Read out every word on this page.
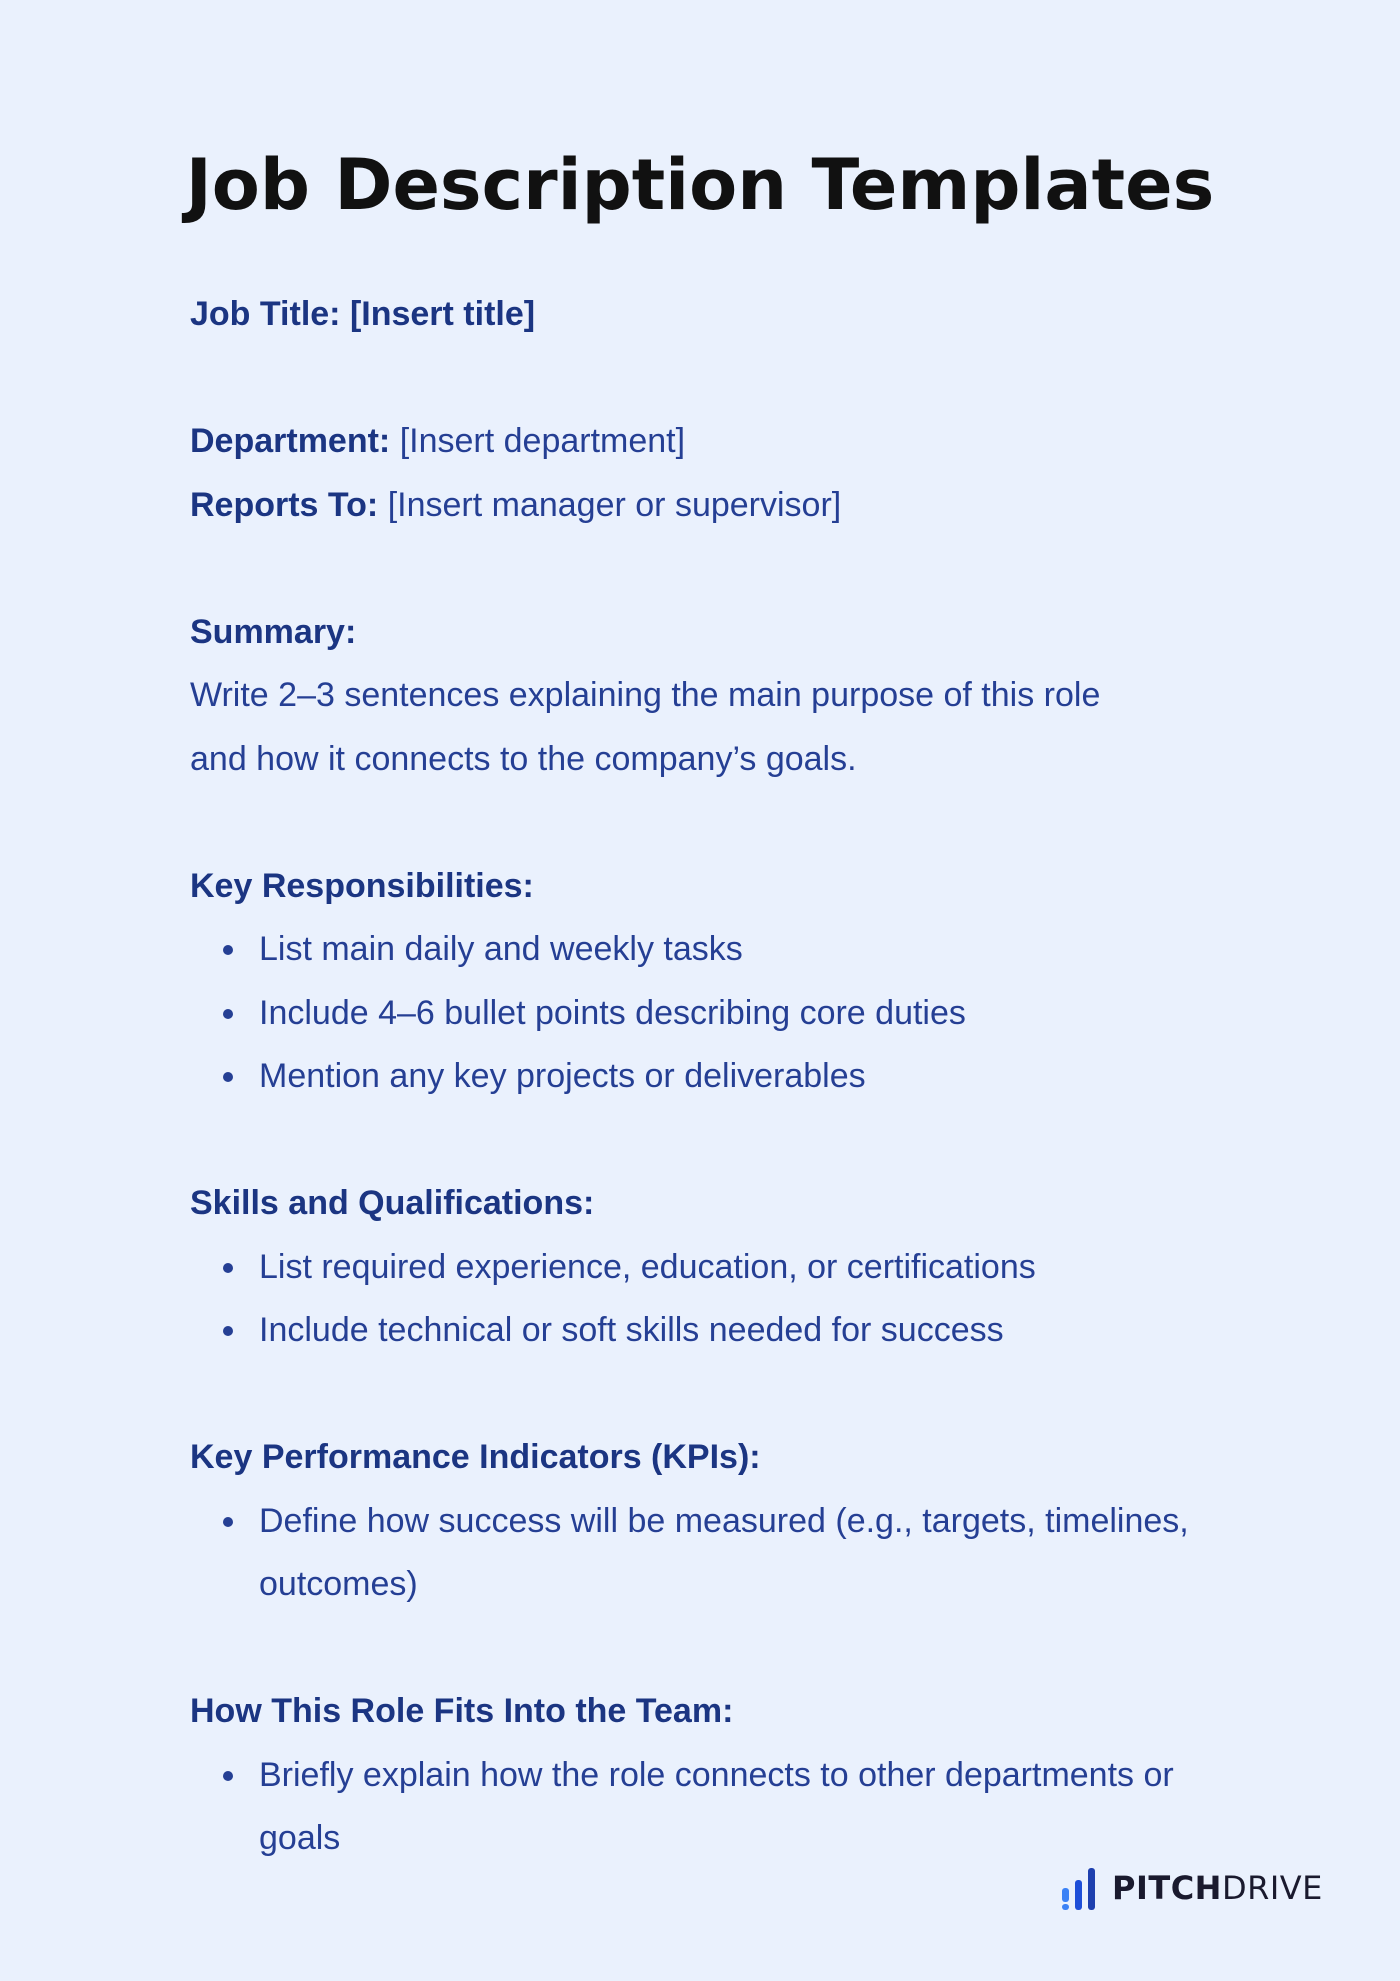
Job Description Templates

Job Title: [Insert title]

Department: [Insert department]

Reports To: [Insert manager or supervisor]

Summary:

Write 2–3 sentences explaining the main purpose of this role

and how it connects to the company’s goals.

Key Responsibilities:

List main daily and weekly tasks
Include 4–6 bullet points describing core duties
Mention any key projects or deliverables

Skills and Qualifications:

List required experience, education, or certifications
Include technical or soft skills needed for success

Key Performance Indicators (KPIs):

Define how success will be measured (e.g., targets, timelines, outcomes)

How This Role Fits Into the Team:

Briefly explain how the role connects to other departments or goals
PITCHDRIVE
